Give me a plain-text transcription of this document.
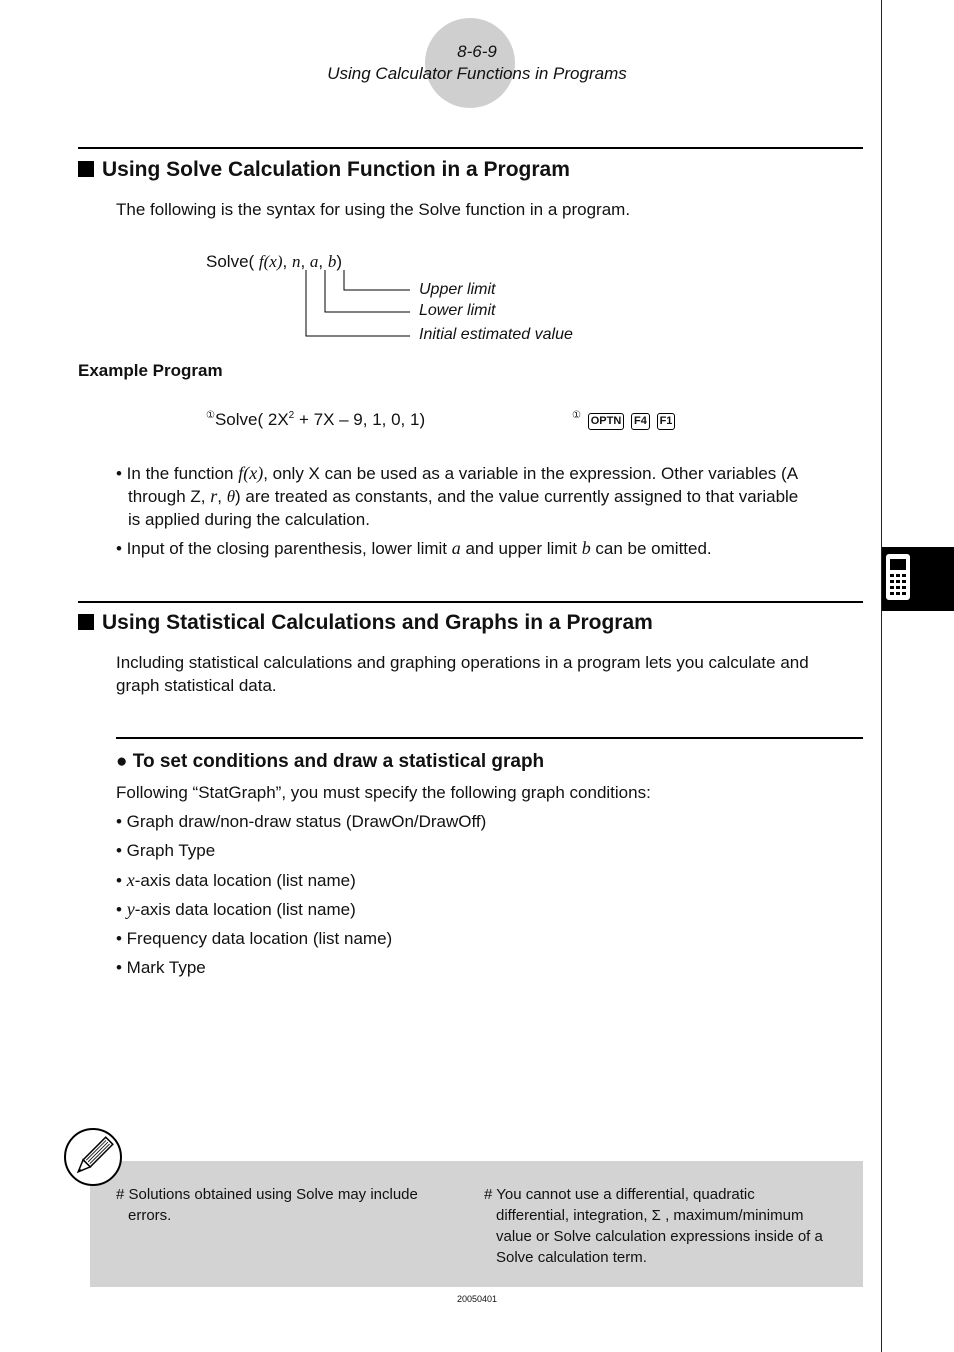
8-6-9
Using Calculator Functions in Programs
Using Solve Calculation Function in a Program
The following is the syntax for using the Solve function in a program.
Solve( f(x), n, a, b)
Upper limit
Lower limit
Initial estimated value
Example Program
①Solve( $2X^2 + 7X - 9$, 1, 0, 1)	① OPTN F4 F1
• In the function f(x), only X can be used as a variable in the expression. Other variables (A
through Z, r, θ) are treated as constants, and the value currently assigned to that variable
is applied during the calculation.
• Input of the closing parenthesis, lower limit a and upper limit b can be omitted.
Using Statistical Calculations and Graphs in a Program
Including statistical calculations and graphing operations in a program lets you calculate and
graph statistical data.
● To set conditions and draw a statistical graph
Following “StatGraph”, you must specify the following graph conditions:
• Graph draw/non-draw status (DrawOn/DrawOff)
• Graph Type
• x-axis data location (list name)
• y-axis data location (list name)
• Frequency data location (list name)
• Mark Type
# Solutions obtained using Solve may include
errors.
# You cannot use a differential, quadratic
differential, integration, Σ , maximum/minimum
value or Solve calculation expressions inside of a
Solve calculation term.
20050401
